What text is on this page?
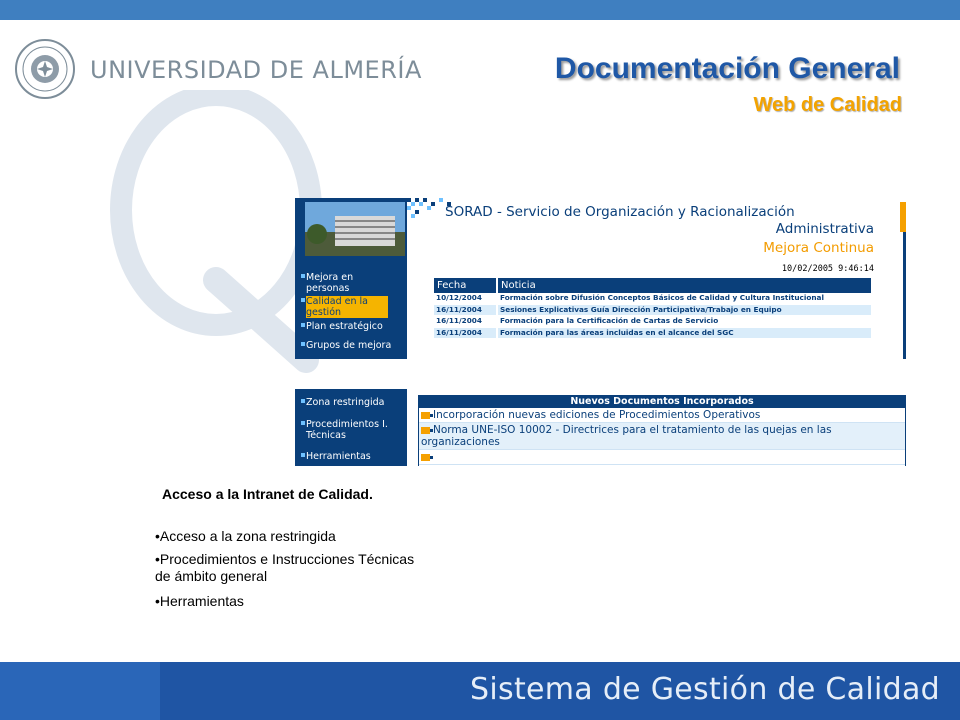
UNIVERSIDAD DE ALMERÍA	Documentación General
Web de Calidad
Mejora en personas
Calidad en la gestión
Plan estratégico
Grupos de mejora
SORAD - Servicio de Organización y Racionalización
Administrativa
Mejora Continua
10/02/2005 9:46:14
Fecha	Noticia
10/12/2004	Formación sobre Difusión Conceptos Básicos de Calidad y Cultura Institucional
16/11/2004	Sesiones Explicativas Guía Dirección Participativa/Trabajo en Equipo
16/11/2004	Formación para la Certificación de Cartas de Servicio
16/11/2004	Formación para las áreas incluidas en el alcance del SGC
Zona restringida
Procedimientos I. Técnicas
Herramientas
Nuevos Documentos Incorporados
Incorporación nuevas ediciones de Procedimientos Operativos
Norma UNE-ISO 10002 - Directrices para el tratamiento de las quejas en las organizaciones
Acceso a la Intranet de Calidad.
•Acceso a la zona restringida
•Procedimientos e Instrucciones Técnicas de ámbito general
•Herramientas
Sistema de Gestión de Calidad
